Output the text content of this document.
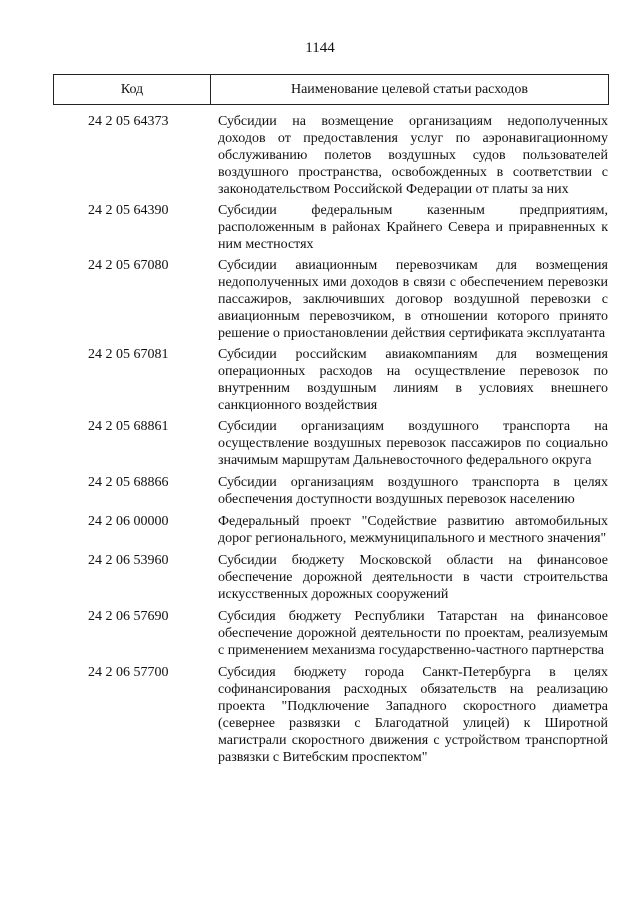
1144
Код	Наименование целевой статьи расходов
24 2 05 64373	Субсидии на возмещение организациям недополученных доходов от предоставления услуг по аэронавигационному обслуживанию полетов воздушных судов пользователей воздушного пространства, освобожденных в соответствии с законодательством Российской Федерации от платы за них
24 2 05 64390	Субсидии федеральным казенным предприятиям, расположенным в районах Крайнего Севера и приравненных к ним местностях
24 2 05 67080	Субсидии авиационным перевозчикам для возмещения недополученных ими доходов в связи с обеспечением перевозки пассажиров, заключивших договор воздушной перевозки с авиационным перевозчиком, в отношении которого принято решение о приостановлении действия сертификата эксплуатанта
24 2 05 67081	Субсидии российским авиакомпаниям для возмещения операционных расходов на осуществление перевозок по внутренним воздушным линиям в условиях внешнего санкционного воздействия
24 2 05 68861	Субсидии организациям воздушного транспорта на осуществление воздушных перевозок пассажиров по социально значимым маршрутам Дальневосточного федерального округа
24 2 05 68866	Субсидии организациям воздушного транспорта в целях обеспечения доступности воздушных перевозок населению
24 2 06 00000	Федеральный проект "Содействие развитию автомобильных дорог регионального, межмуниципального и местного значения"
24 2 06 53960	Субсидии бюджету Московской области на финансовое обеспечение дорожной деятельности в части строительства искусственных дорожных сооружений
24 2 06 57690	Субсидия бюджету Республики Татарстан на финансовое обеспечение дорожной деятельности по проектам, реализуемым с применением механизма государственно-частного партнерства
24 2 06 57700	Субсидия бюджету города Санкт-Петербурга в целях софинансирования расходных обязательств на реализацию проекта "Подключение Западного скоростного диаметра (севернее развязки с Благодатной улицей) к Широтной магистрали скоростного движения с устройством транспортной развязки с Витебским проспектом"
